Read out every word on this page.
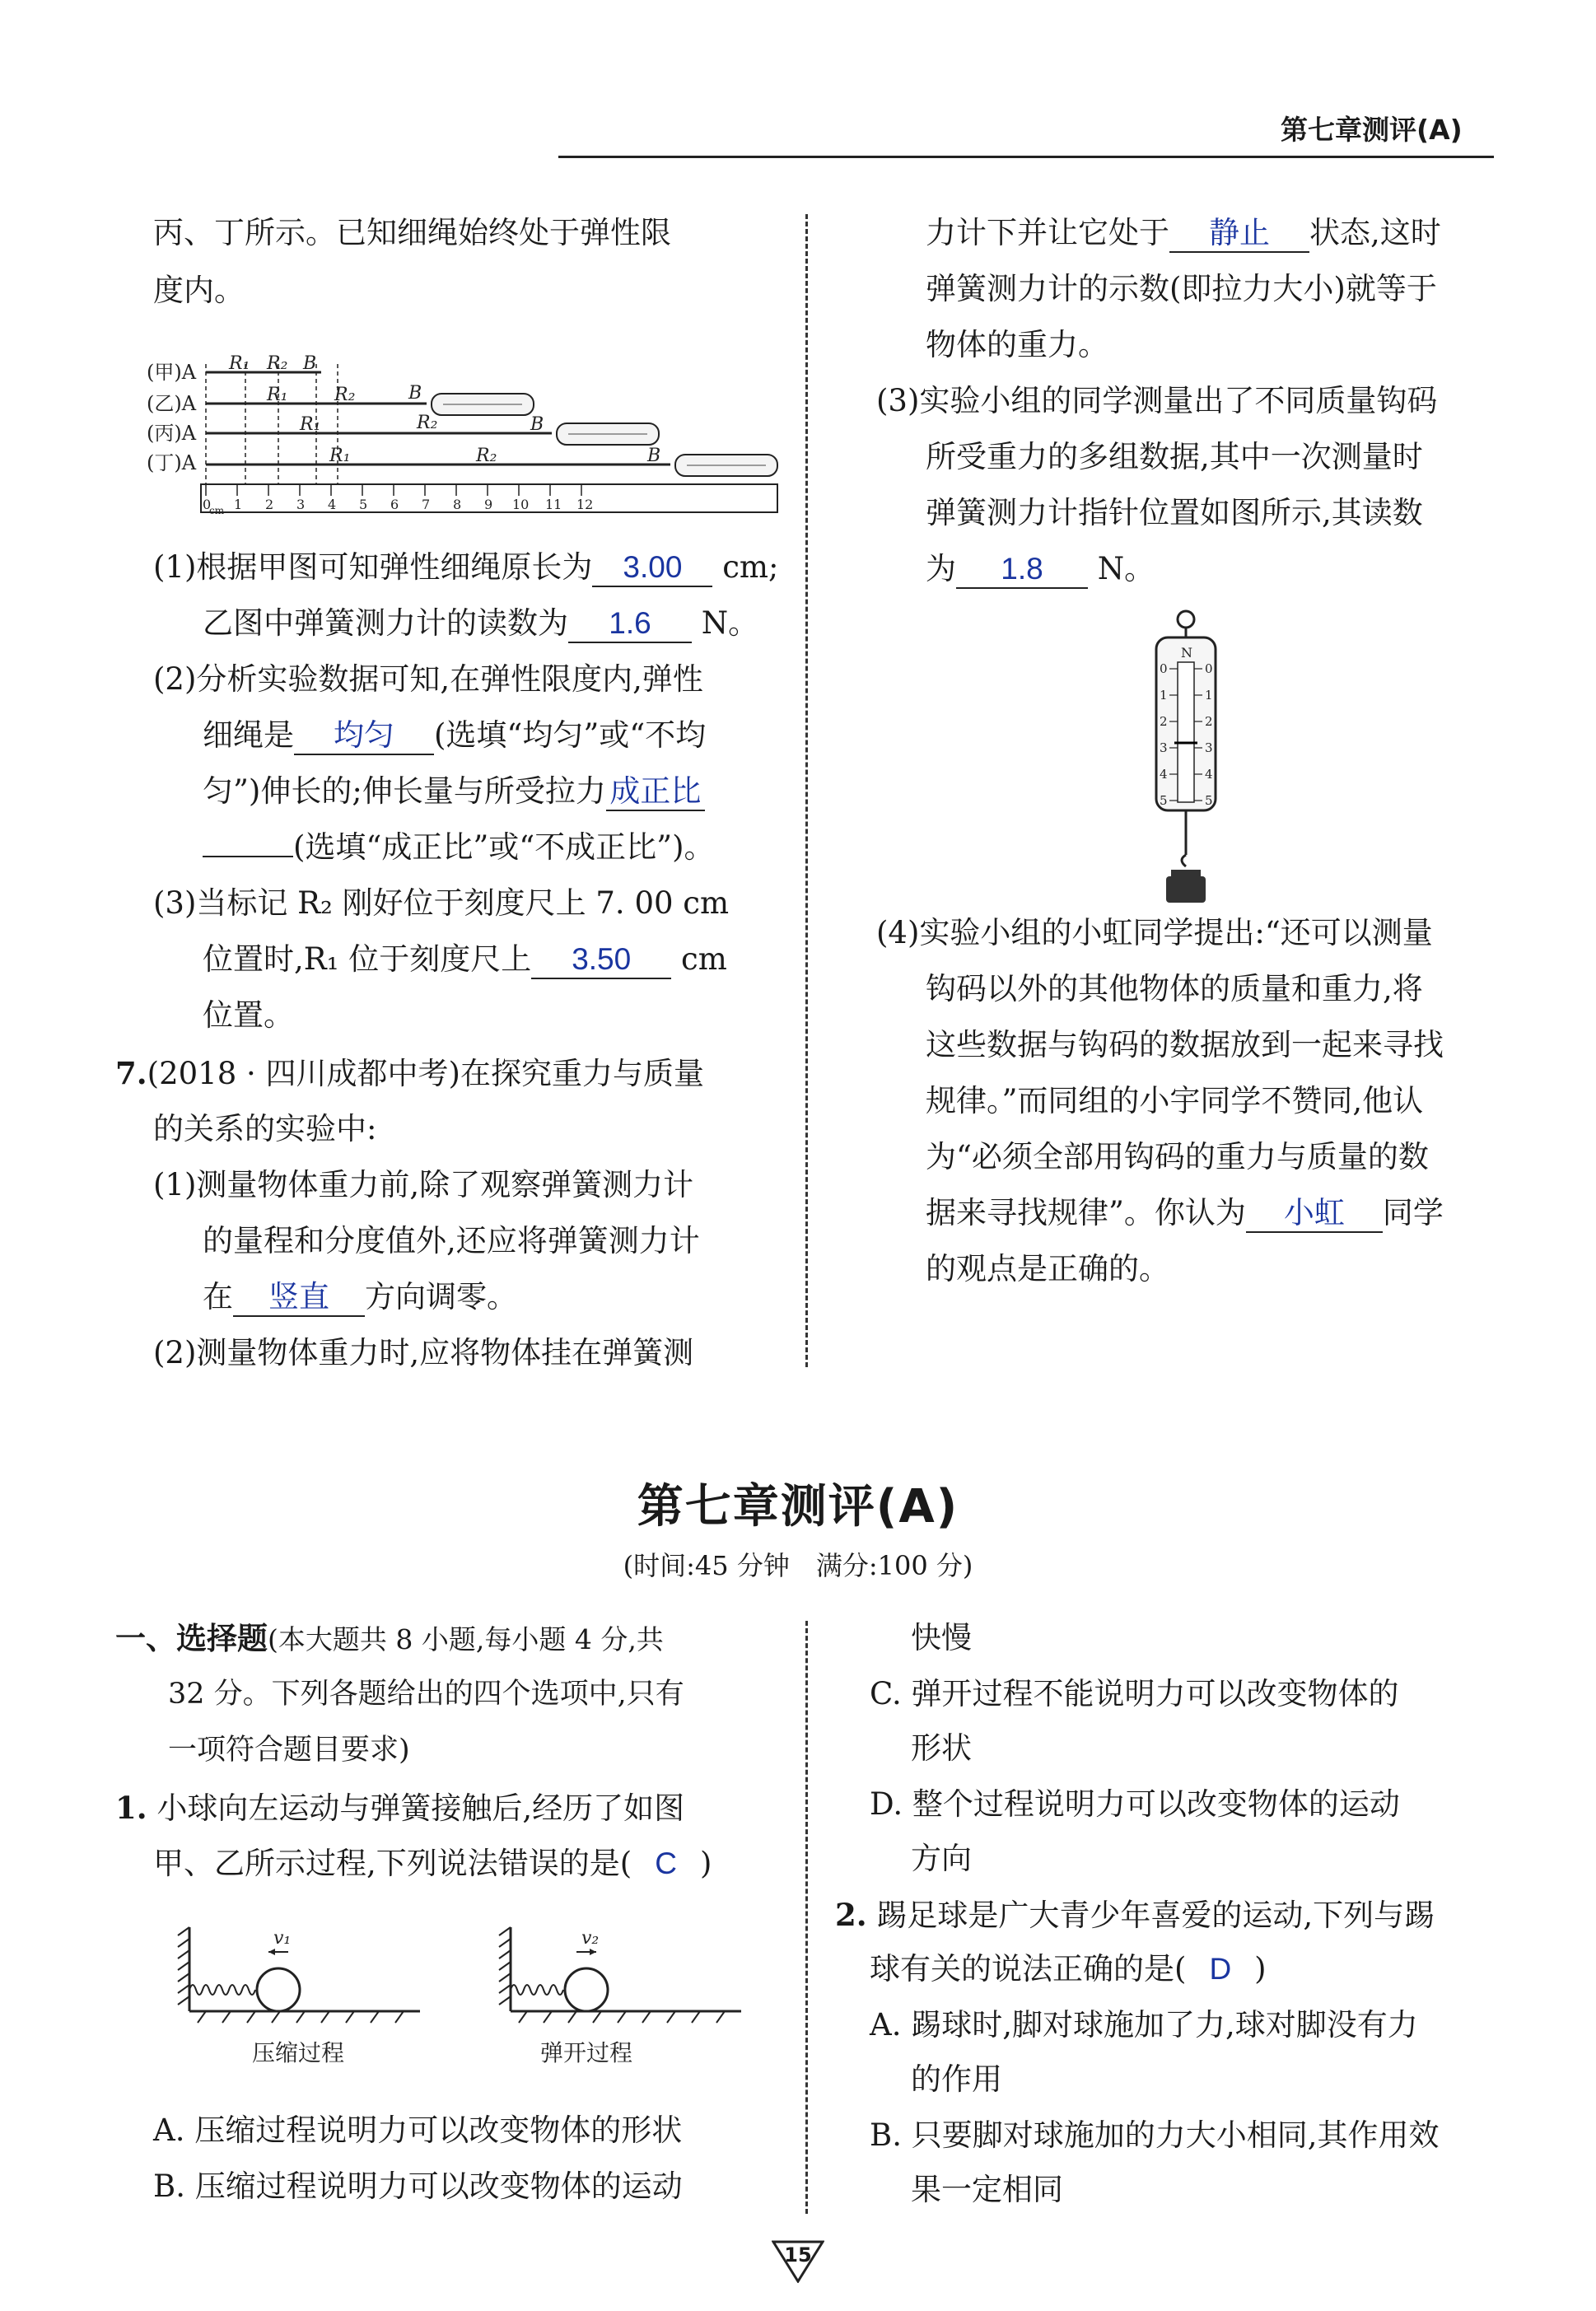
第七章测评(A)
丙、丁所示。已知细绳始终处于弹性限
度内。
(甲)A
(乙)A
(丙)A
(丁)A
R₁ R₂ B
R₁	R₂	B
R₁	R₂	B
R₁	R₂	B
0 1 2 3 4 5 6 7 8 9 10 11 12
cm
(1)根据甲图可知弹性细绳原长为 3.00 cm;
乙图中弹簧测力计的读数为 1.6 N。
(2)分析实验数据可知,在弹性限度内,弹性
细绳是 均匀 (选填“均匀”或“不均
匀”)伸长的;伸长量与所受拉力 成正比
(选填“成正比”或“不成正比”)。
(3)当标记 R₂ 刚好位于刻度尺上 7. 00 cm
位置时,R₁ 位于刻度尺上 3.50 cm
位置。
7.(2018 · 四川成都中考)在探究重力与质量
的关系的实验中:
(1)测量物体重力前,除了观察弹簧测力计
的量程和分度值外,还应将弹簧测力计
在 竖直 方向调零。
(2)测量物体重力时,应将物体挂在弹簧测
力计下并让它处于 静止 状态,这时
弹簧测力计的示数(即拉力大小)就等于
物体的重力。
(3)实验小组的同学测量出了不同质量钩码
所受重力的多组数据,其中一次测量时
弹簧测力计指针位置如图所示,其读数
为 1.8 N。
N
0
1
2
3
4
5
0
1
2
3
4
5
(4)实验小组的小虹同学提出:“还可以测量
钩码以外的其他物体的质量和重力,将
这些数据与钩码的数据放到一起来寻找
规律。”而同组的小宇同学不赞同,他认
为“必须全部用钩码的重力与质量的数
据来寻找规律”。你认为 小虹 同学
的观点是正确的。
第七章测评(A)
(时间:45 分钟　满分:100 分)
一、选择题(本大题共 8 小题,每小题 4 分,共
32 分。下列各题给出的四个选项中,只有
一项符合题目要求)
1. 小球向左运动与弹簧接触后,经历了如图
甲、乙所示过程,下列说法错误的是( C )
v₁
压缩过程
v₂
弹开过程
A. 压缩过程说明力可以改变物体的形状
B. 压缩过程说明力可以改变物体的运动
快慢
C. 弹开过程不能说明力可以改变物体的
形状
D. 整个过程说明力可以改变物体的运动
方向
2. 踢足球是广大青少年喜爱的运动,下列与踢
球有关的说法正确的是( D )
A. 踢球时,脚对球施加了力,球对脚没有力
的作用
B. 只要脚对球施加的力大小相同,其作用效
果一定相同
15
